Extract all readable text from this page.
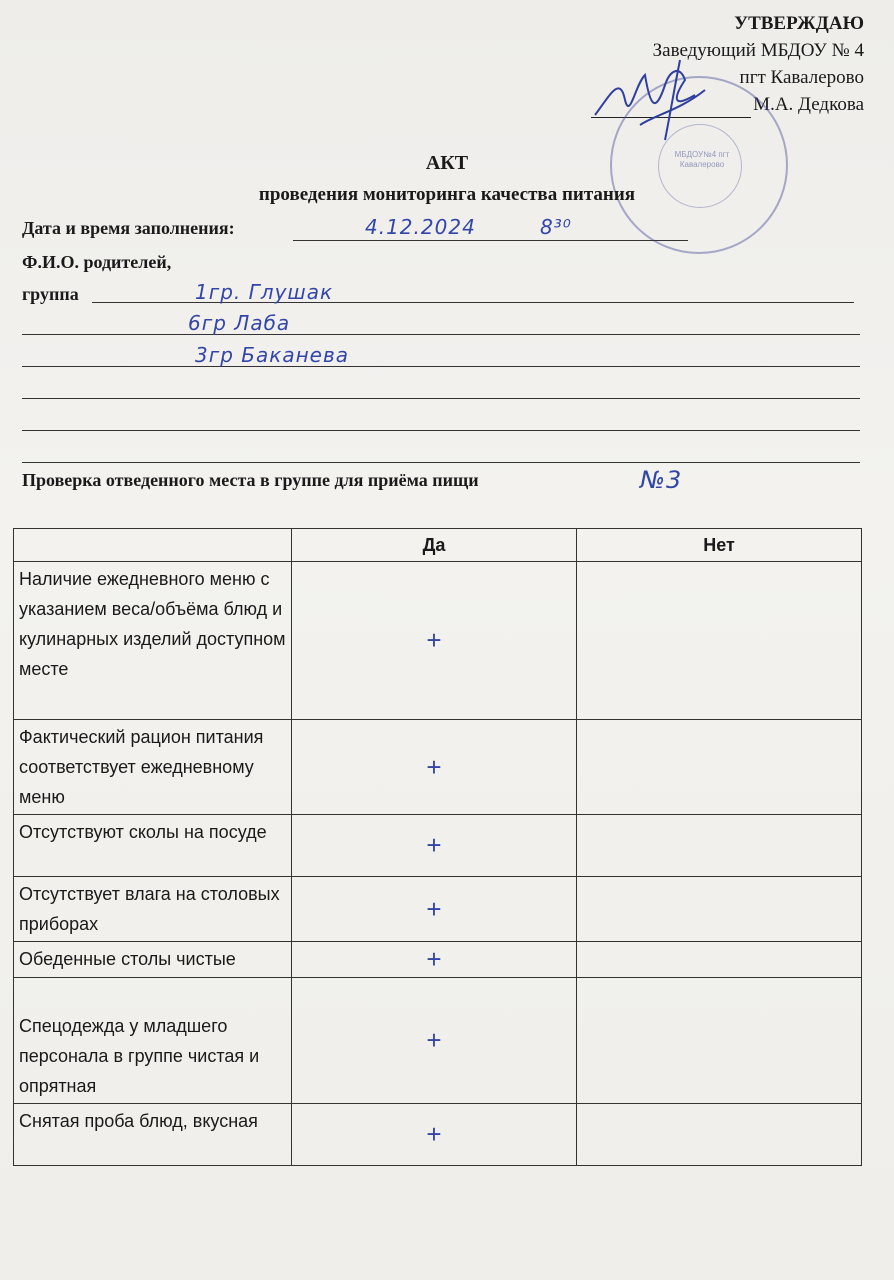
УТВЕРЖДАЮ
Заведующий МБДОУ № 4
пгт Кавалерово
М.А. Дедкова
МБДОУ№4 пгт Кавалерово
АКТ
проведения мониторинга качества питания
Дата и время заполнения:	4.12.2024	8³⁰
Ф.И.О. родителей,
группа	1гр. Глушак
6гр Лаба
3гр Баканева
Проверка отведенного места в группе для приёма пищи	№3
	Да	Нет
Наличие ежедневного меню с указанием веса/объёма блюд и кулинарных изделий доступном месте	+	
Фактический рацион питания соответствует ежедневному меню	+	
Отсутствуют сколы на посуде	+	
Отсутствует влага на столовых приборах	+	
Обеденные столы чистые	+	
Спецодежда у младшего персонала в группе чистая и опрятная	+	
Снятая проба блюд, вкусная	+	
